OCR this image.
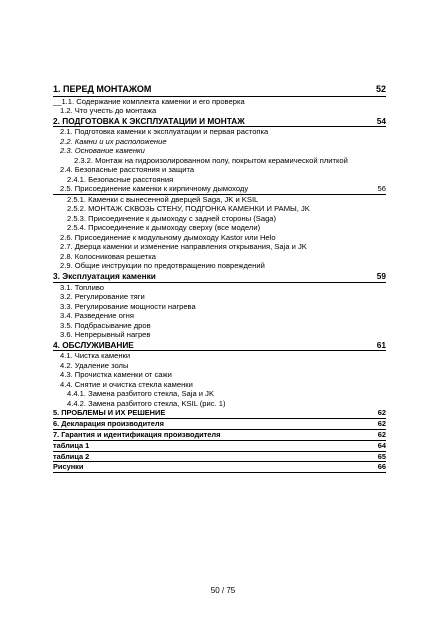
1. ПЕРЕД МОНТАЖОМ	52
__1.1. Содержание комплекта каменки и его проверка
1.2. Что учесть до монтажа
2. ПОДГОТОВКА К ЭКСПЛУАТАЦИИ И МОНТАЖ	54
2.1. Подготовка каменки к эксплуатации и первая растопка
2.2. Камни и их расположение
2.3. Основание каменки
2.3.2. Монтаж на гидроизолированном полу, покрытом керамической плиткой
2.4. Безопасные расстояния и защита
2.4.1. Безопасные расстояния
2.5. Присоединение каменки к кирпичному дымоходу	56
2.5.1. Каменки с вынесенной дверцей Saga, JK и KSIL
2.5.2. МОНТАЖ СКВОЗЬ СТЕНУ, ПОДГОНКА КАМЕНКИ И РАМЫ, JK
2.5.3. Присоединение к дымоходу с задней стороны (Saga)
2.5.4. Присоединение к дымоходу сверху (все модели)
2.6. Присоединение к модульному дымоходу Kastor или Helo
2.7. Дверца каменки и изменение направления открывания, Saja и JK
2.8. Колосниковая решетка
2.9. Общие инструкции по предотвращению повреждений
3. Эксплуатация каменки	59
3.1. Топливо
3.2. Регулирование тяги
3.3. Регулирование мощности нагрева
3.4. Разведение огня
3.5. Подбрасывание дров
3.6. Непрерывный нагрев
4. ОБСЛУЖИВАНИЕ	61
4.1. Чистка каменки
4.2. Удаление золы
4.3. Прочистка каменки от сажи
4.4. Снятие и очистка стекла каменки
4.4.1. Замена разбитого стекла, Saja и JK
4.4.2. Замена разбитого стекла, KSIL (рис. 1)
5. ПРОБЛЕМЫ И ИХ РЕШЕНИЕ	62
6. Декларация производителя	62
7. Гарантия и идентификация производителя	62
таблица 1	64
таблица 2	65
Рисунки	66
50 / 75
